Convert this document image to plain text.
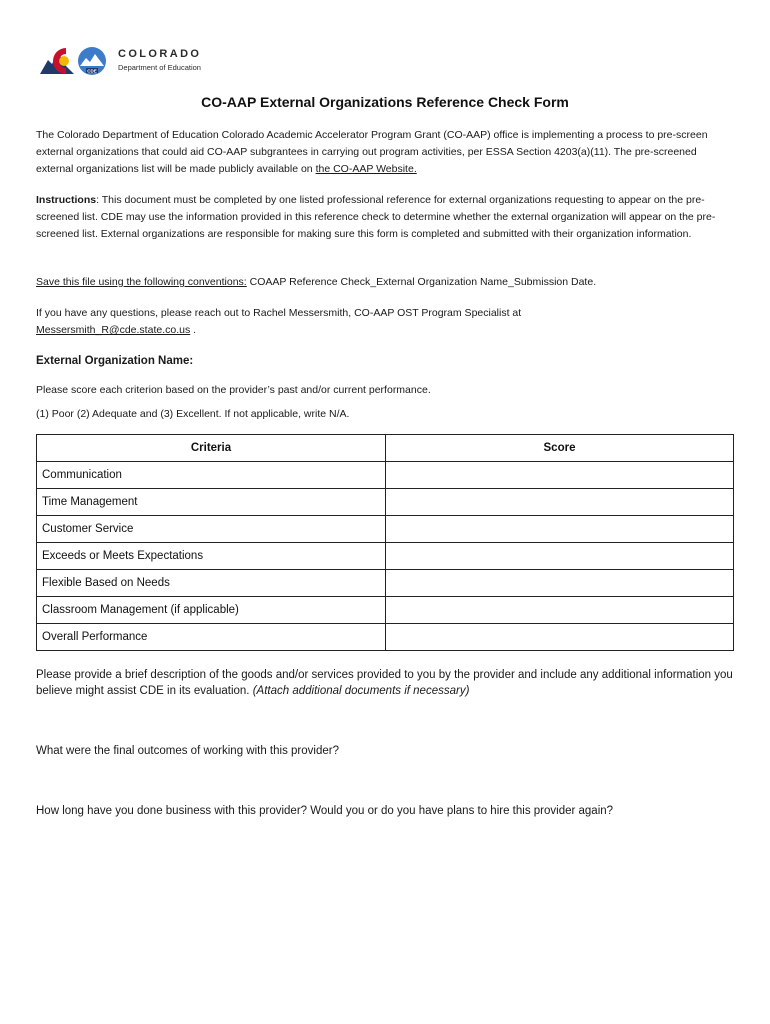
CDE
COLORADO
Department of Education
CO-AAP External Organizations Reference Check Form
The Colorado Department of Education Colorado Academic Accelerator Program Grant (CO-AAP) office is implementing a process to pre-screen external organizations that could aid CO-AAP subgrantees in carrying out program activities, per ESSA Section 4203(a)(11). The pre-screened external organizations list will be made publicly available on the CO-AAP Website.
Instructions: This document must be completed by one listed professional reference for external organizations requesting to appear on the pre-screened list. CDE may use the information provided in this reference check to determine whether the external organization will appear on the pre-screened list. External organizations are responsible for making sure this form is completed and submitted with their organization information.
Save this file using the following conventions: COAAP Reference Check_External Organization Name_Submission Date.
If you have any questions, please reach out to Rachel Messersmith, CO-AAP OST Program Specialist at
Messersmith_R@cde.state.co.us .
External Organization Name:
Please score each criterion based on the provider’s past and/or current performance.
(1) Poor (2) Adequate and (3) Excellent. If not applicable, write N/A.
Criteria	Score
Communication	
Time Management	
Customer Service	
Exceeds or Meets Expectations	
Flexible Based on Needs	
Classroom Management (if applicable)	
Overall Performance	
Please provide a brief description of the goods and/or services provided to you by the provider and include any additional information you believe might assist CDE in its evaluation. (Attach additional documents if necessary)
What were the final outcomes of working with this provider?
How long have you done business with this provider? Would you or do you have plans to hire this provider again?
